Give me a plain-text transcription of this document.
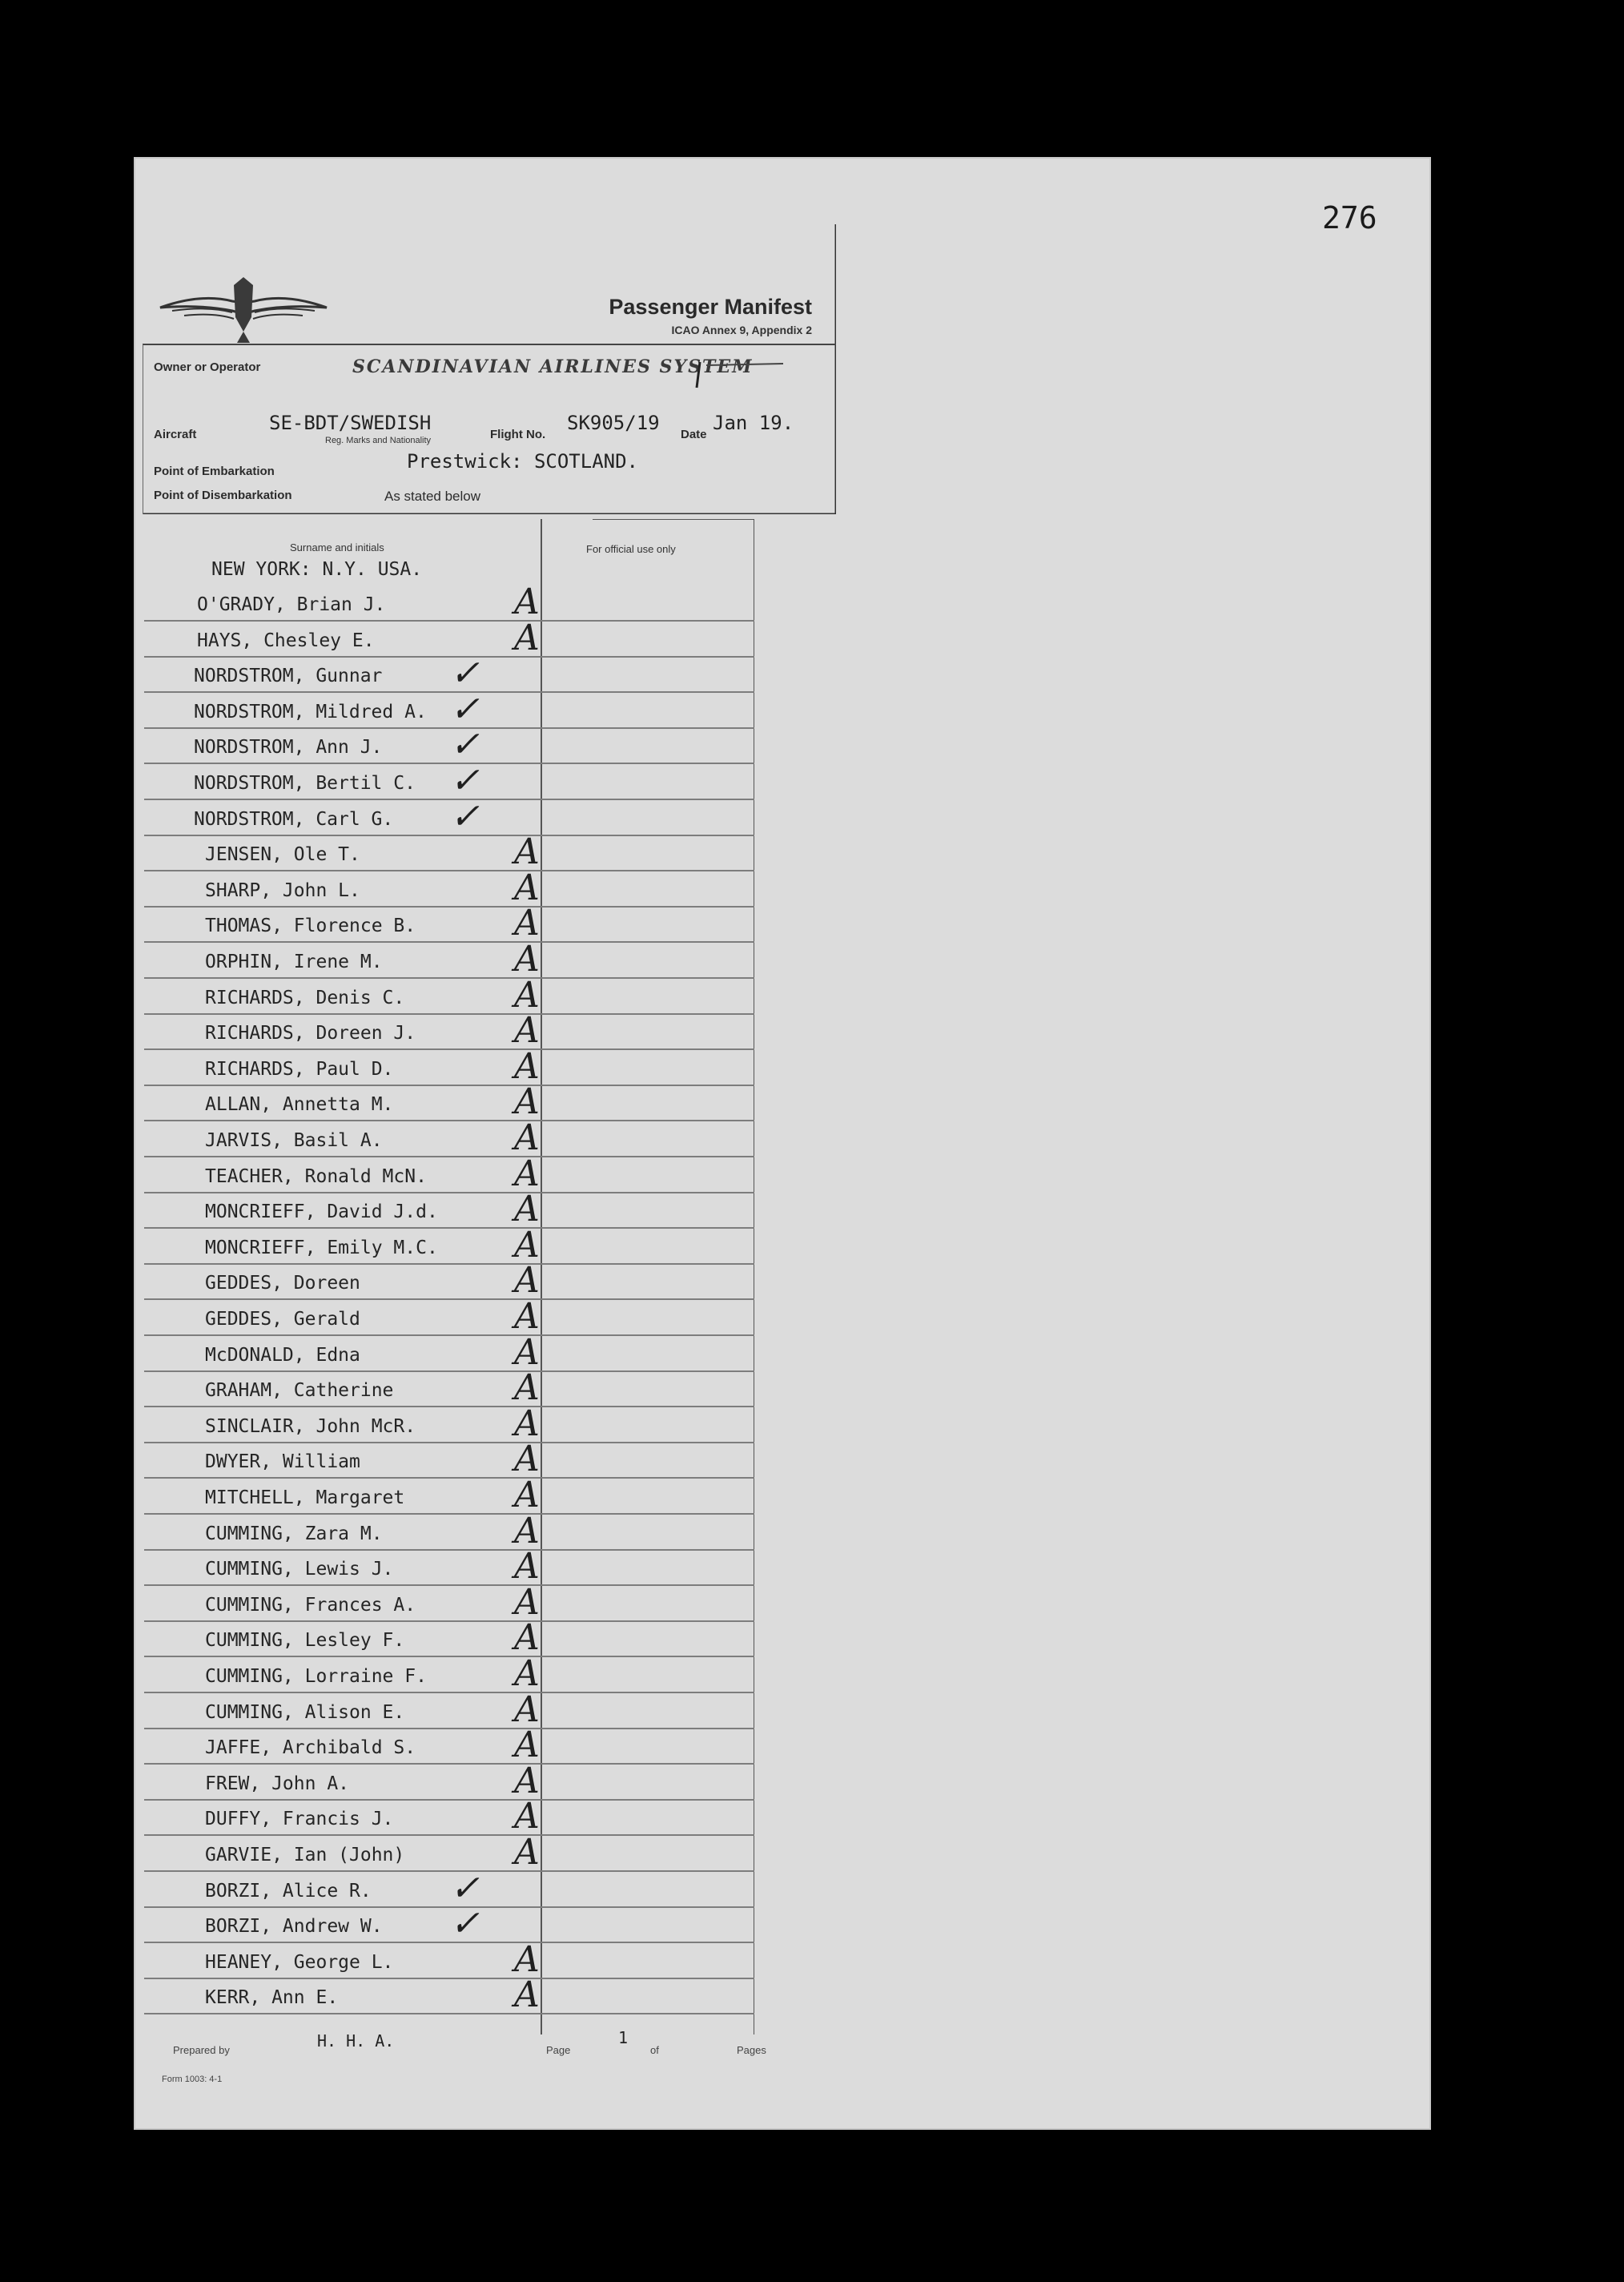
276
Passenger Manifest
ICAO Annex 9, Appendix 2
Owner or Operator	SCANDINAVIAN AIRLINES SYSTEM
Aircraft
SE-BDT/SWEDISH
Reg. Marks and Nationality	Flight No.
SK905/19
Date
Jan 19.
Point of Embarkation	Prestwick: SCOTLAND.
Point of Disembarkation	As stated below
Surname and initials	For official use only
NEW YORK: N.Y. USA.
O'GRADY, Brian J.	A
HAYS, Chesley E.	A
NORDSTROM, Gunnar ✓
NORDSTROM, Mildred A. ✓
NORDSTROM, Ann J. ✓
NORDSTROM, Bertil C. ✓
NORDSTROM, Carl G. ✓
JENSEN, Ole T.	A
SHARP, John L.	A
THOMAS, Florence B.	A
ORPHIN, Irene M.	A
RICHARDS, Denis C.	A
RICHARDS, Doreen J.	A
RICHARDS, Paul D.	A
ALLAN, Annetta M.	A
JARVIS, Basil A.	A
TEACHER, Ronald McN. A
MONCRIEFF, David J.d. A
MONCRIEFF, Emily M.C. A
GEDDES, Doreen	A
GEDDES, Gerald	A
McDONALD, Edna	A
GRAHAM, Catherine	A
SINCLAIR, John McR.	A
DWYER, William	A
MITCHELL, Margaret	A
CUMMING, Zara M.	A
CUMMING, Lewis J.	A
CUMMING, Frances A.	A
CUMMING, Lesley F.	A
CUMMING, Lorraine F. A
CUMMING, Alison E.	A
JAFFE, Archibald S.	A
FREW, John A.	A
DUFFY, Francis J.	A
GARVIE, Ian (John)	A
BORZI, Alice R. ✓
BORZI, Andrew W. ✓
HEANEY, George L.	A
KERR, Ann E.	A
Prepared by	H. H. A.	Page
1
of	Pages
Form 1003: 4-1
